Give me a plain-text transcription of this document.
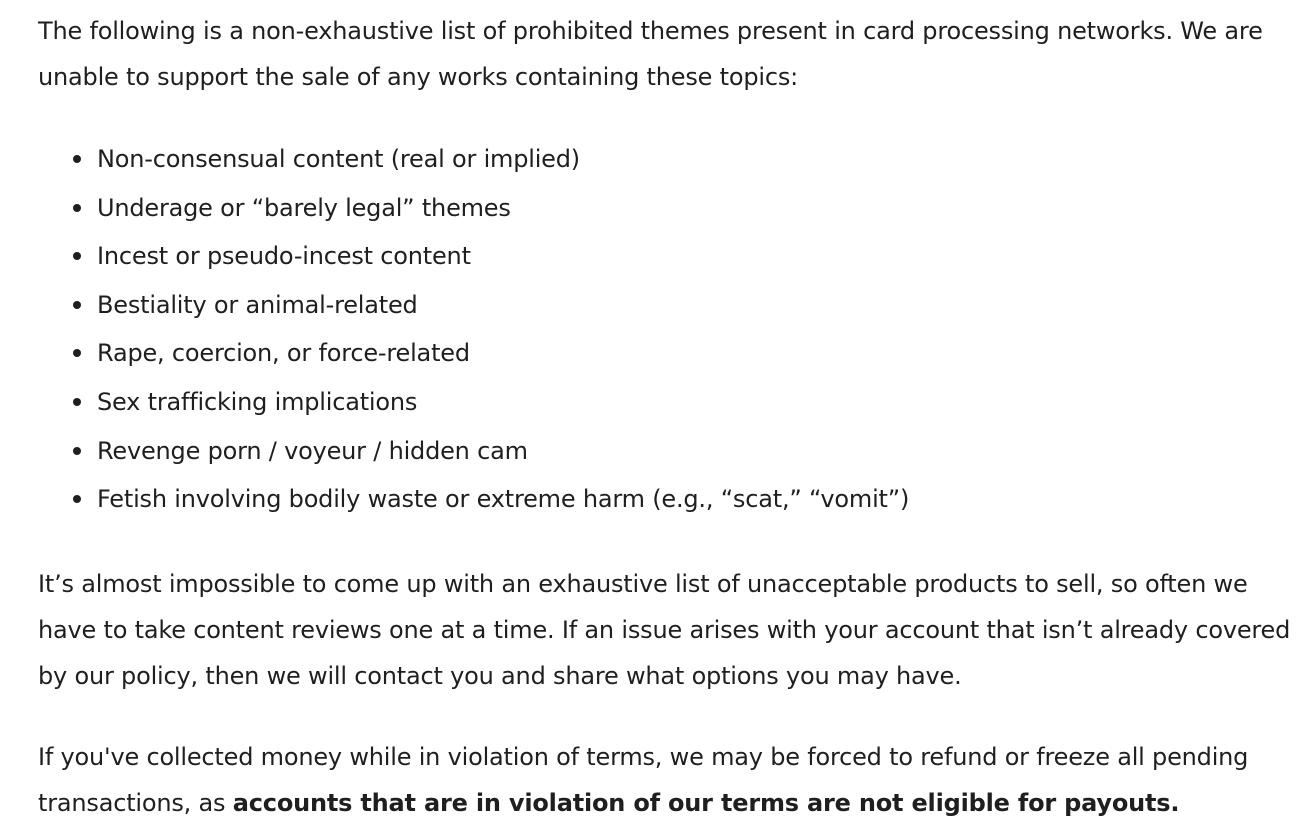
The following is a non-exhaustive list of prohibited themes present in card processing networks. We are unable to support the sale of any works containing these topics:

Non-consensual content (real or implied)
Underage or “barely legal” themes
Incest or pseudo-incest content
Bestiality or animal-related
Rape, coercion, or force-related
Sex trafficking implications
Revenge porn / voyeur / hidden cam
Fetish involving bodily waste or extreme harm (e.g., “scat,” “vomit”)

It’s almost impossible to come up with an exhaustive list of unacceptable products to sell, so often we have to take content reviews one at a time. If an issue arises with your account that isn’t already covered by our policy, then we will contact you and share what options you may have.

If you've collected money while in violation of terms, we may be forced to refund or freeze all pending transactions, as accounts that are in violation of our terms are not eligible for payouts.
